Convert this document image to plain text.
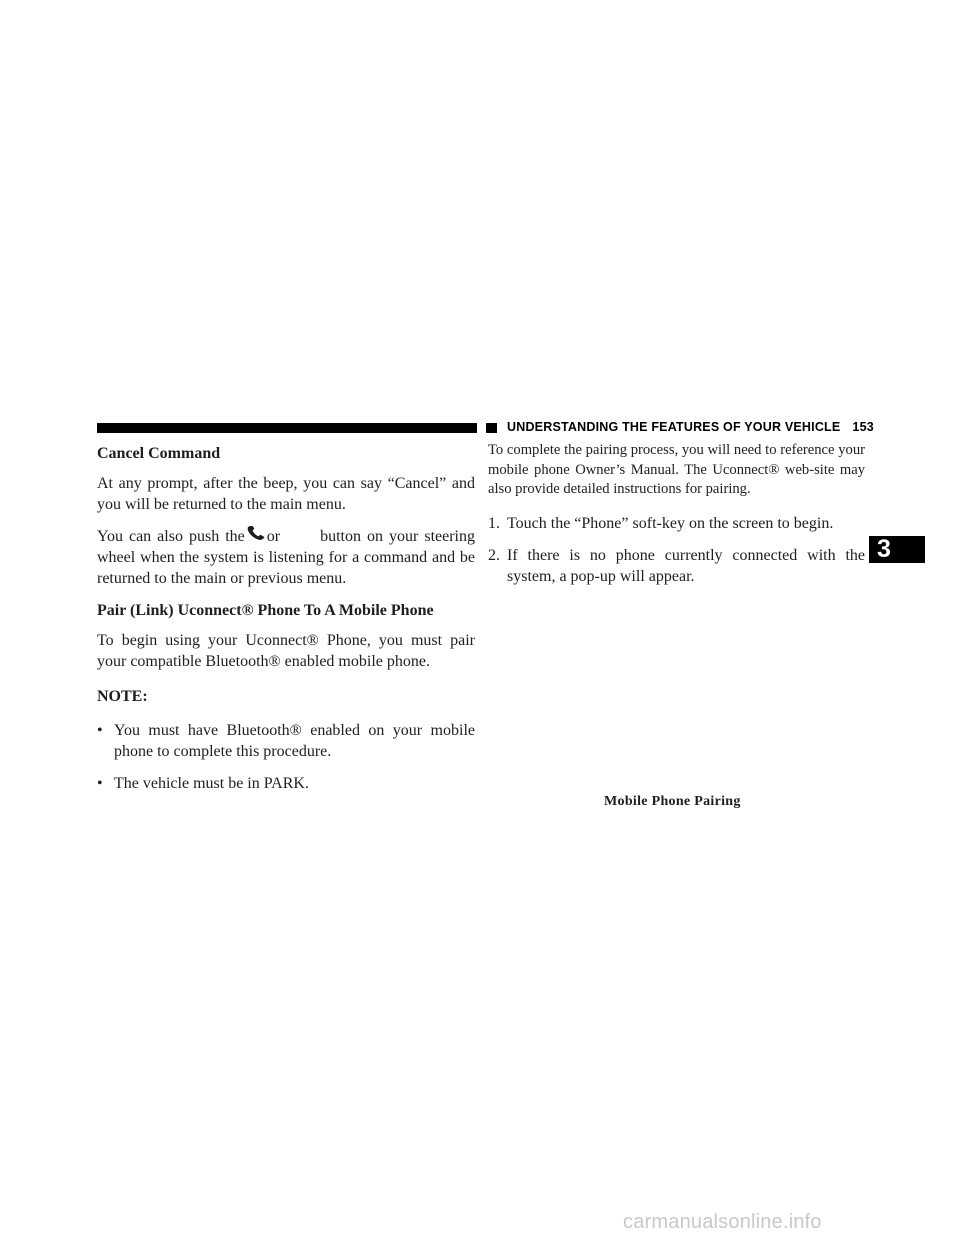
UNDERSTANDING THE FEATURES OF YOUR VEHICLE 153

Cancel Command

At any prompt, after the beep, you can say “Cancel” and you will be returned to the main menu.

You can also push the or	button on your steering wheel when the system is listening for a command and be returned to the main or previous menu.

Pair (Link) Uconnect® Phone To A Mobile Phone

To begin using your Uconnect® Phone, you must pair your compatible Bluetooth® enabled mobile phone.

NOTE:

• You must have Bluetooth® enabled on your mobile phone to complete this procedure.

• The vehicle must be in PARK.

To complete the pairing process, you will need to reference your mobile phone Owner’s Manual. The Uconnect® web-site may also provide detailed instructions for pairing.

1. Touch the “Phone” soft-key on the screen to begin.

2. If there is no phone currently connected with the system, a pop-up will appear.

Mobile Phone Pairing
3
carmanualsonline.info
